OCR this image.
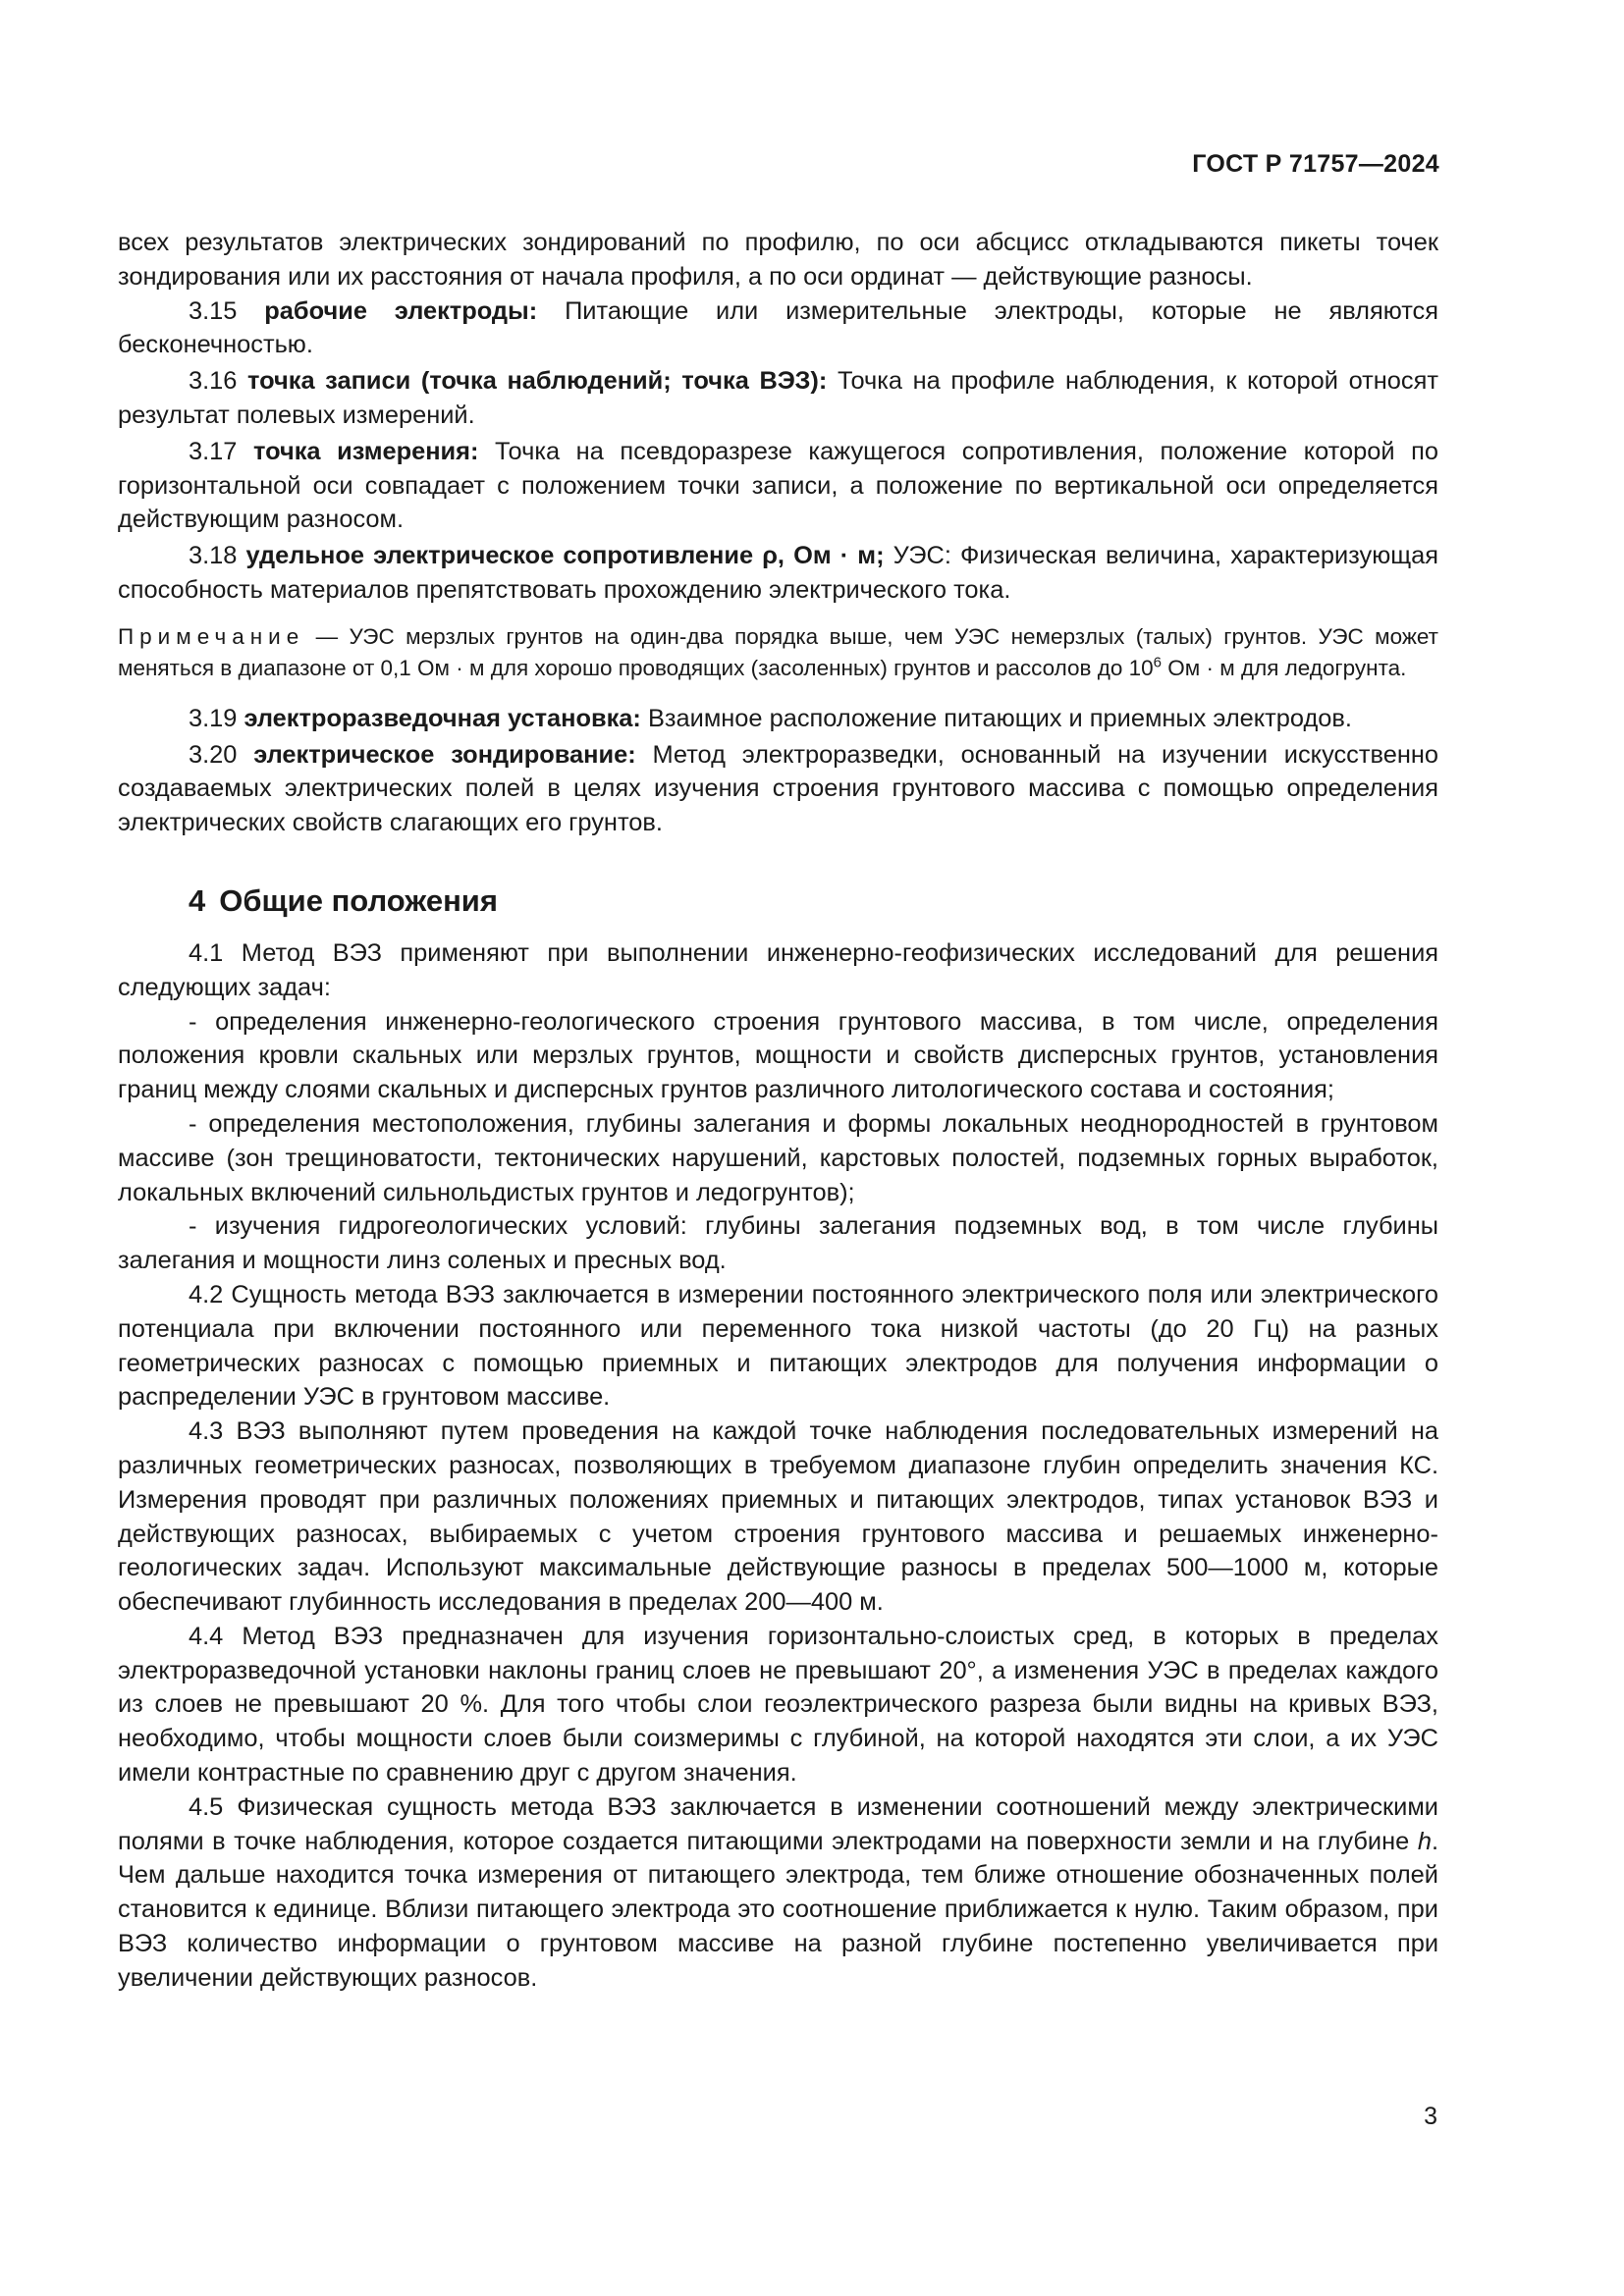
ГОСТ Р 71757—2024

всех результатов электрических зондирований по профилю, по оси абсцисс откладываются пикеты точек зондирования или их расстояния от начала профиля, а по оси ординат — действующие разносы.

3.15 рабочие электроды: Питающие или измерительные электроды, которые не являются бесконечностью.

3.16 точка записи (точка наблюдений; точка ВЭЗ): Точка на профиле наблюдения, к которой относят результат полевых измерений.

3.17 точка измерения: Точка на псевдоразрезе кажущегося сопротивления, положение которой по горизонтальной оси совпадает с положением точки записи, а положение по вертикальной оси определяется действующим разносом.

3.18 удельное электрическое сопротивление ρ, Ом · м; УЭС: Физическая величина, характеризующая способность материалов препятствовать прохождению электрического тока.

Примечание — УЭС мерзлых грунтов на один-два порядка выше, чем УЭС немерзлых (талых) грунтов. УЭС может меняться в диапазоне от 0,1 Ом · м для хорошо проводящих (засоленных) грунтов и рассолов до $10^6$ Ом · м для ледогрунта.

3.19 электроразведочная установка: Взаимное расположение питающих и приемных электродов.

3.20 электрическое зондирование: Метод электроразведки, основанный на изучении искусственно создаваемых электрических полей в целях изучения строения грунтового массива с помощью определения электрических свойств слагающих его грунтов.

4 Общие положения

4.1 Метод ВЭЗ применяют при выполнении инженерно-геофизических исследований для решения следующих задач:

- определения инженерно-геологического строения грунтового массива, в том числе, определения положения кровли скальных или мерзлых грунтов, мощности и свойств дисперсных грунтов, установления границ между слоями скальных и дисперсных грунтов различного литологического состава и состояния;

- определения местоположения, глубины залегания и формы локальных неоднородностей в грунтовом массиве (зон трещиноватости, тектонических нарушений, карстовых полостей, подземных горных выработок, локальных включений сильнольдистых грунтов и ледогрунтов);

- изучения гидрогеологических условий: глубины залегания подземных вод, в том числе глубины залегания и мощности линз соленых и пресных вод.

4.2 Сущность метода ВЭЗ заключается в измерении постоянного электрического поля или электрического потенциала при включении постоянного или переменного тока низкой частоты (до 20 Гц) на разных геометрических разносах с помощью приемных и питающих электродов для получения информации о распределении УЭС в грунтовом массиве.

4.3 ВЭЗ выполняют путем проведения на каждой точке наблюдения последовательных измерений на различных геометрических разносах, позволяющих в требуемом диапазоне глубин определить значения КС. Измерения проводят при различных положениях приемных и питающих электродов, типах установок ВЭЗ и действующих разносах, выбираемых с учетом строения грунтового массива и решаемых инженерно-геологических задач. Используют максимальные действующие разносы в пределах 500—1000 м, которые обеспечивают глубинность исследования в пределах 200—400 м.

4.4 Метод ВЭЗ предназначен для изучения горизонтально-слоистых сред, в которых в пределах электроразведочной установки наклоны границ слоев не превышают 20°, а изменения УЭС в пределах каждого из слоев не превышают 20 %. Для того чтобы слои геоэлектрического разреза были видны на кривых ВЭЗ, необходимо, чтобы мощности слоев были соизмеримы с глубиной, на которой находятся эти слои, а их УЭС имели контрастные по сравнению друг с другом значения.

4.5 Физическая сущность метода ВЭЗ заключается в изменении соотношений между электрическими полями в точке наблюдения, которое создается питающими электродами на поверхности земли и на глубине h. Чем дальше находится точка измерения от питающего электрода, тем ближе отношение обозначенных полей становится к единице. Вблизи питающего электрода это соотношение приближается к нулю. Таким образом, при ВЭЗ количество информации о грунтовом массиве на разной глубине постепенно увеличивается при увеличении действующих разносов.

3
